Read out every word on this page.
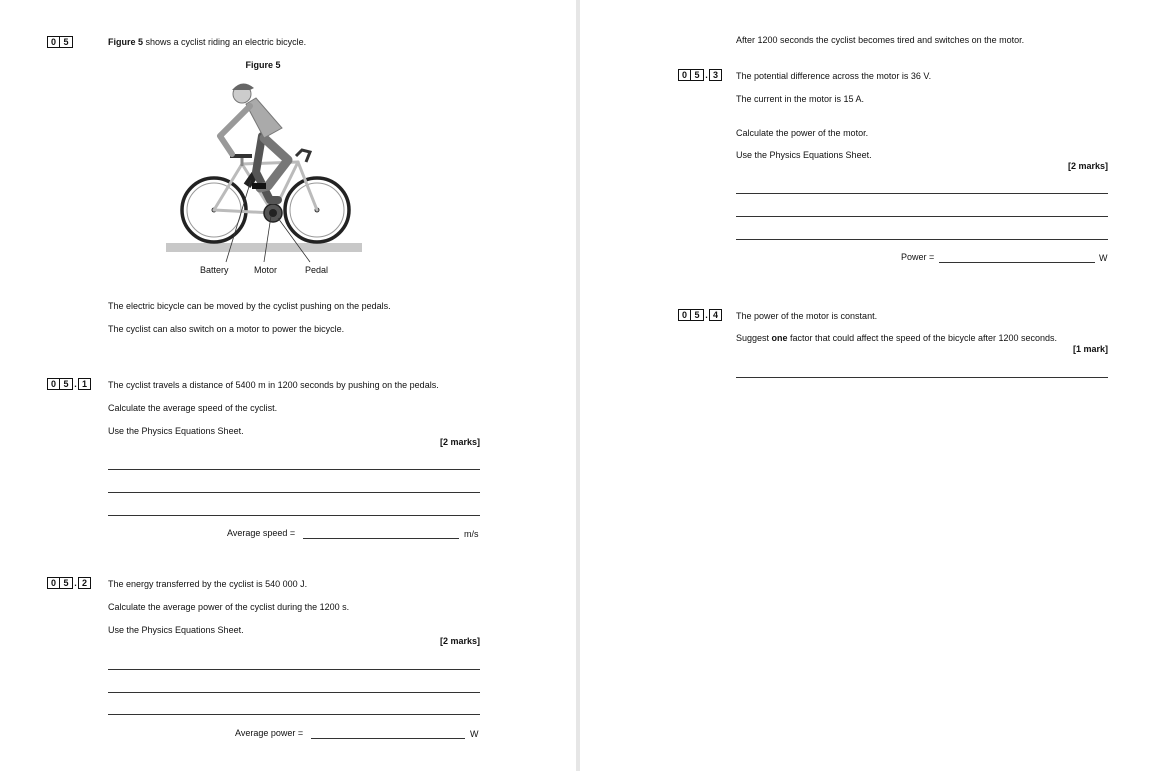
0 5	Figure 5 shows a cyclist riding an electric bicycle.
Figure 5
Battery	Motor	Pedal
The electric bicycle can be moved by the cyclist pushing on the pedals.
The cyclist can also switch on a motor to power the bicycle.
0 5 . 1	The cyclist travels a distance of 5400 m in 1200 seconds by pushing on the pedals.
Calculate the average speed of the cyclist.
Use the Physics Equations Sheet.
[2 marks]
Average speed =	m/s
0 5 . 2	The energy transferred by the cyclist is 540 000 J.
Calculate the average power of the cyclist during the 1200 s.
Use the Physics Equations Sheet.
[2 marks]
Average power =	W
After 1200 seconds the cyclist becomes tired and switches on the motor.
0 5 . 3	The potential difference across the motor is 36 V.
The current in the motor is 15 A.
Calculate the power of the motor.
Use the Physics Equations Sheet.
[2 marks]
Power =	W
0 5 . 4	The power of the motor is constant.
Suggest one factor that could affect the speed of the bicycle after 1200 seconds.
[1 mark]
